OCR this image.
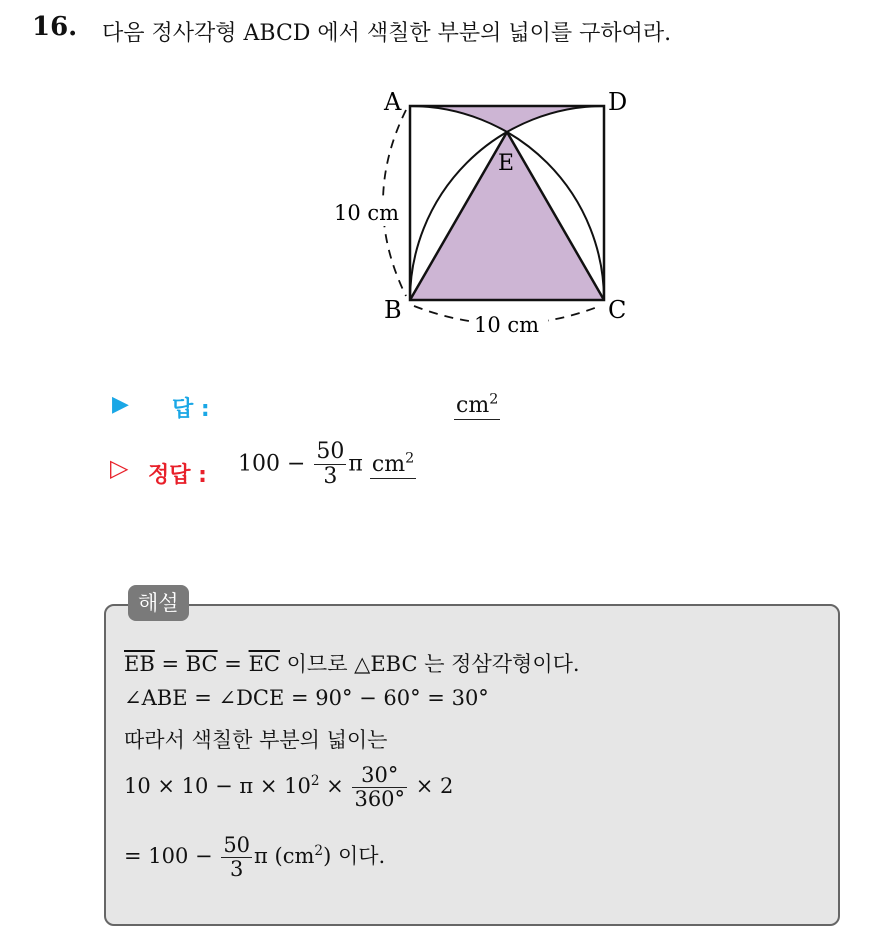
16. 다음 정사각형 ABCD 에서 색칠한 부분의 넓이를 구하여라.
A	D
B	C
E
10 cm
10 cm
▶ 답 :	$cm^2$
▷ 정답 : $100 - \frac{50}{3}$ π $cm^2$
해설
$\overline{EB} = \overline{BC} = \overline{EC}$ 이므로 △EBC 는 정삼각형이다.
∠ABE = ∠DCE = 90° − 60° = 30°
따라서 색칠한 부분의 넓이는
$10 \times 10 - \pi \times 10^2 \times \frac{30^\circ}{360^\circ} \times 2$
= $100 - \frac{50}{3}$ π $(cm^2)$ 이다.
